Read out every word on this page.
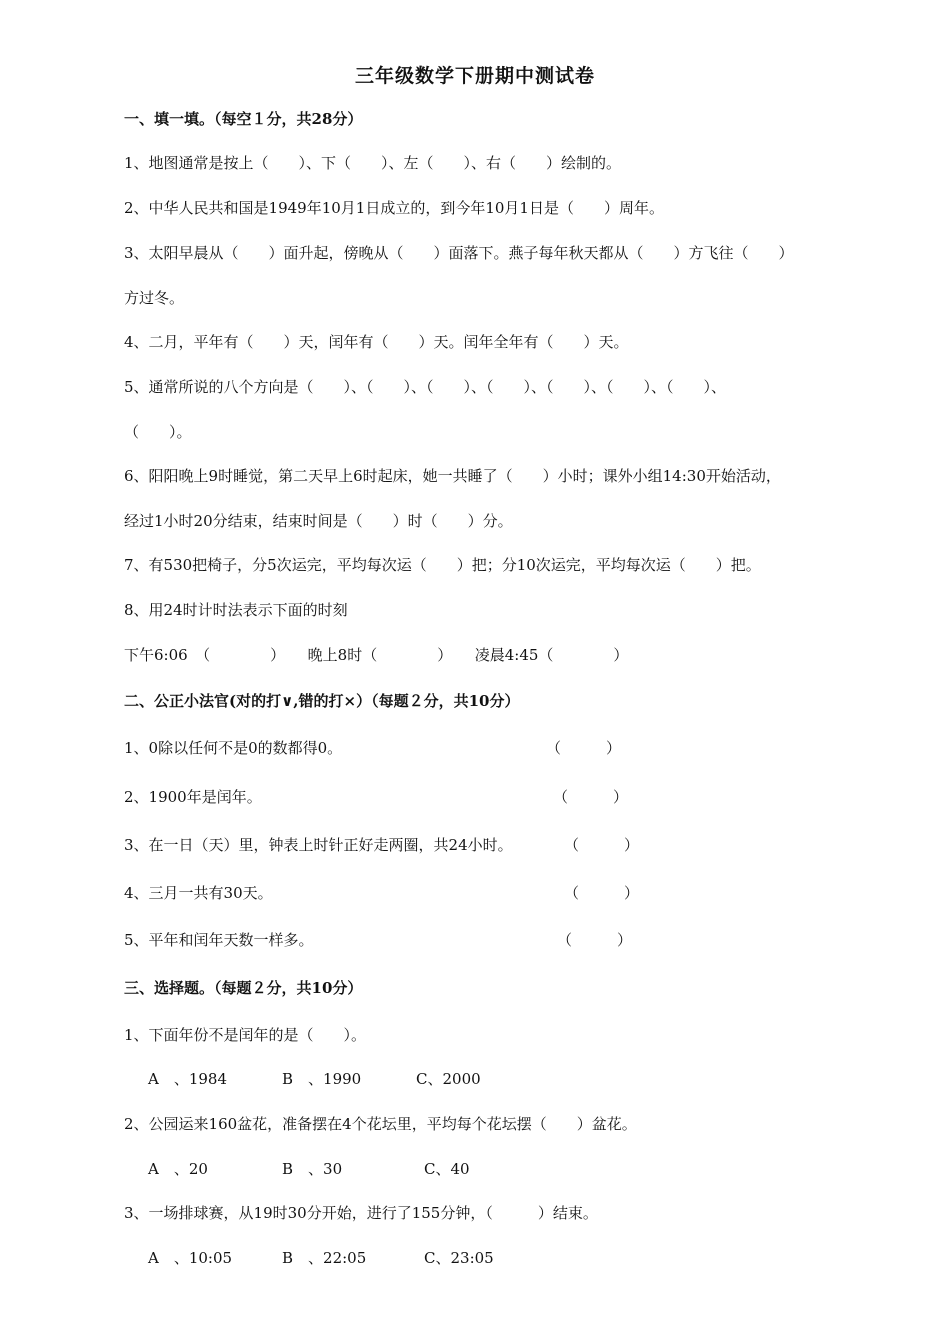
三年级数学下册期中测试卷
一、填一填。（每空１分，共28分）
1、地图通常是按上（　　）、下（　　）、左（　　）、右（　　）绘制的。
2、中华人民共和国是1949年10月1日成立的，到今年10月1日是（　　）周年。
3、太阳早晨从（　　）面升起，傍晚从（　　）面落下。燕子每年秋天都从（　　）方飞往（　　）
方过冬。
4、二月，平年有（　　）天，闰年有（　　）天。闰年全年有（　　）天。
5、通常所说的八个方向是（　　）、（　　）、（　　）、（　　）、（　　）、（　　）、（　　）、
（　　）。
6、阳阳晚上9时睡觉，第二天早上6时起床，她一共睡了（　　）小时；课外小组14:30开始活动，
经过1小时20分结束，结束时间是（　　）时（　　）分。
7、有530把椅子，分5次运完，平均每次运（　　）把；分10次运完，平均每次运（　　）把。
8、用24时计时法表示下面的时刻
下午6:06　（　　　　）　　晚上8时（　　　　）　　凌晨4:45（　　　　）
二、公正小法官(对的打∨,错的打×）（每题２分，共10分）
1、0除以任何不是0的数都得0。	（　　　）
2、1900年是闰年。	（　　　）
3、在一日（天）里，钟表上时针正好走两圈，共24小时。	（　　　）
4、三月一共有30天。	（　　　）
5、平年和闰年天数一样多。	（　　　）
三、选择题。（每题２分，共10分）
1、下面年份不是闰年的是（　　）。
A　、1984	B　、1990	C、2000
2、公园运来160盆花，准备摆在4个花坛里，平均每个花坛摆（　　）盆花。
A　、20	B　、30	C、40
3、一场排球赛，从19时30分开始，进行了155分钟，（　　　）结束。
A　、10:05	B　、22:05	C、23:05
